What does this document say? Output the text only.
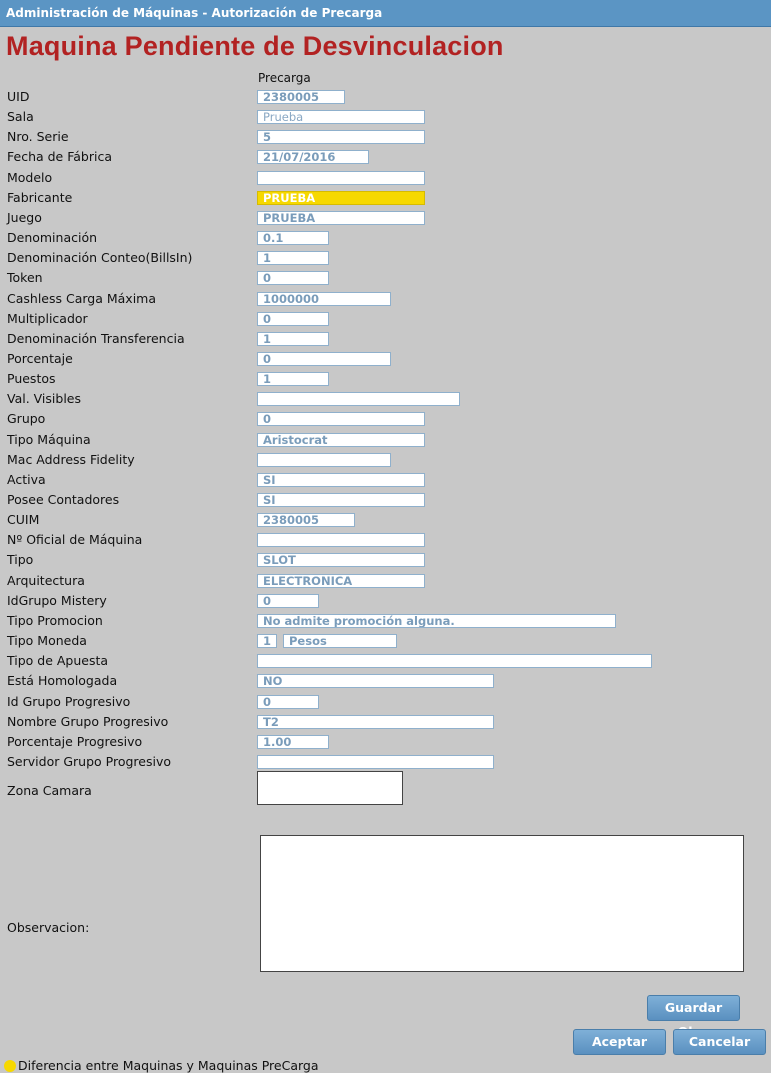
Administración de Máquinas - Autorización de Precarga
Maquina Pendiente de Desvinculacion
Precarga
UID	2380005
Sala	Prueba
Nro. Serie	5
Fecha de Fábrica	21/07/2016
Modelo
Fabricante	PRUEBA
Juego	PRUEBA
Denominación	0.1
Denominación Conteo(BillsIn)	1
Token	0
Cashless Carga Máxima	1000000
Multiplicador	0
Denominación Transferencia	1
Porcentaje	0
Puestos	1
Val. Visibles
Grupo	0
Tipo Máquina	Aristocrat
Mac Address Fidelity
Activa	SI
Posee Contadores	SI
CUIM	2380005
Nº Oficial de Máquina
Tipo	SLOT
Arquitectura	ELECTRONICA
IdGrupo Mistery	0
Tipo Promocion	No admite promoción alguna.
Tipo Moneda	1	Pesos
Tipo de Apuesta
Está Homologada	NO
Id Grupo Progresivo	0
Nombre Grupo Progresivo	T2
Porcentaje Progresivo	1.00
Servidor Grupo Progresivo
Zona Camara
Observacion:
Guardar
Aceptar	Cancelar
Diferencia entre Maquinas y Maquinas PreCarga
